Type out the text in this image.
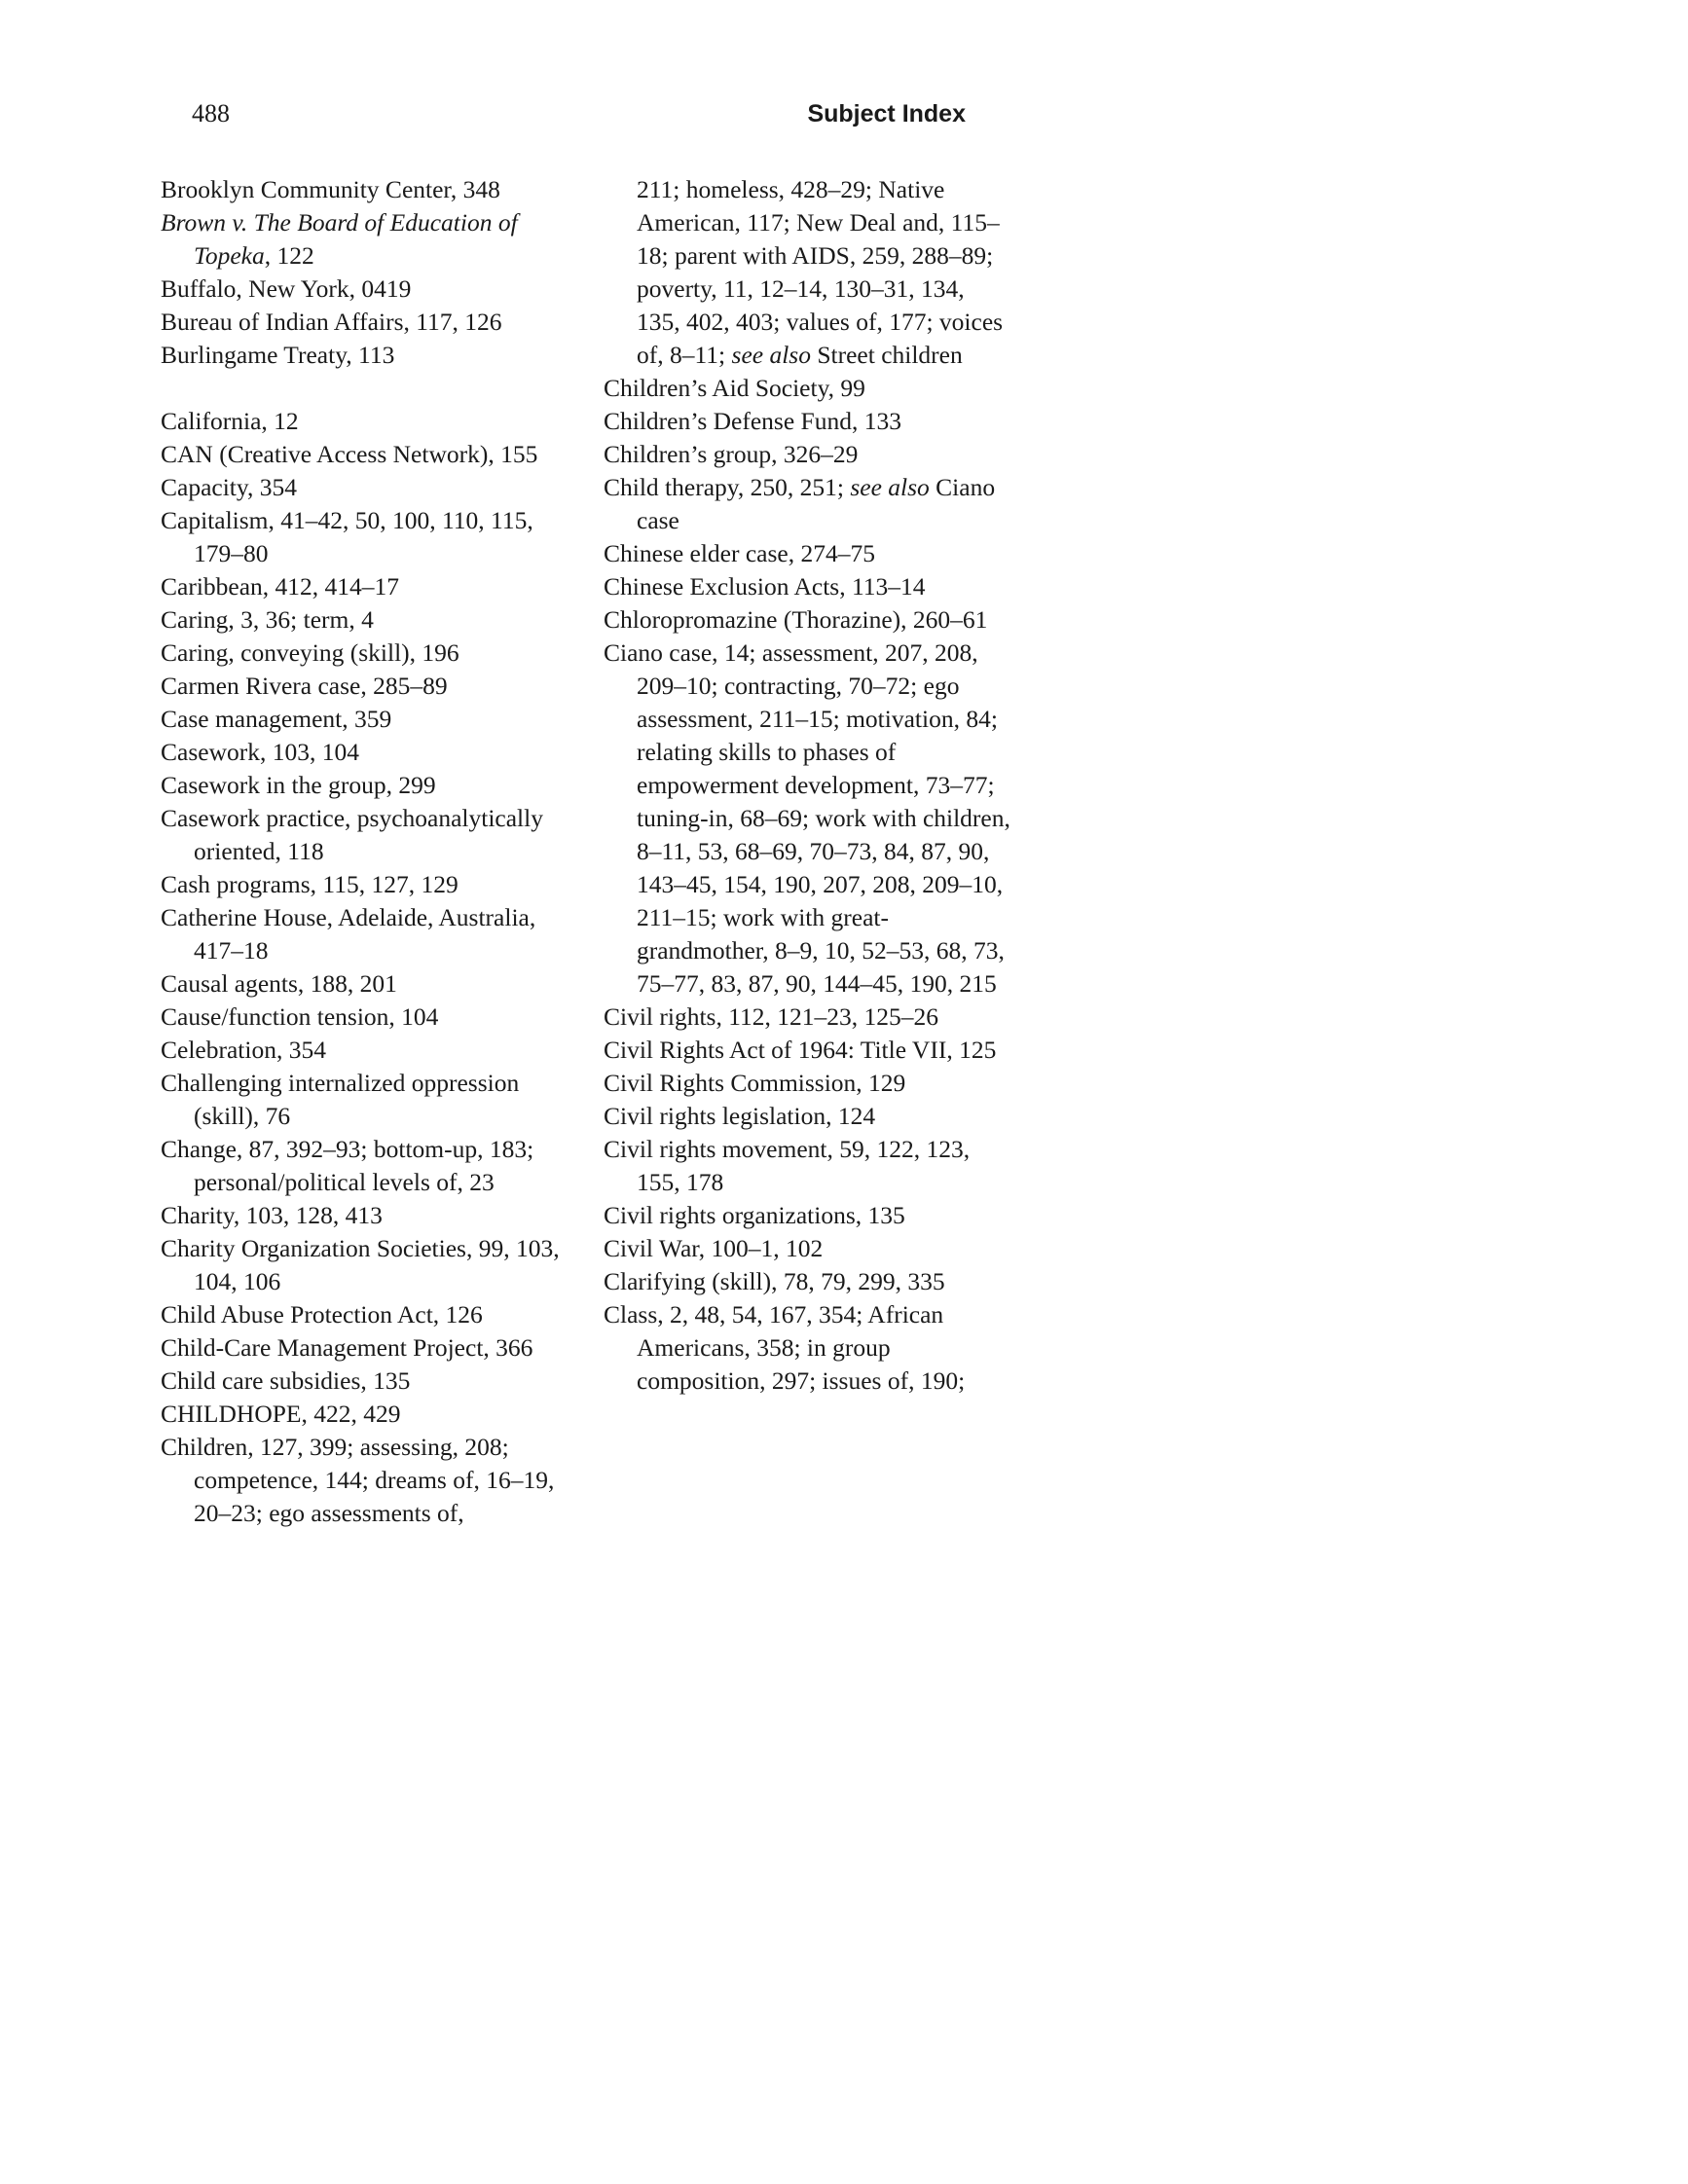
488	Subject Index

Brooklyn Community Center, 348

Brown v. The Board of Education of Topeka, 122

Buffalo, New York, 0419

Bureau of Indian Affairs, 117, 126

Burlingame Treaty, 113

California, 12

CAN (Creative Access Network), 155

Capacity, 354

Capitalism, 41–42, 50, 100, 110, 115, 179–80

Caribbean, 412, 414–17

Caring, 3, 36; term, 4

Caring, conveying (skill), 196

Carmen Rivera case, 285–89

Case management, 359

Casework, 103, 104

Casework in the group, 299

Casework practice, psychoanalytically oriented, 118

Cash programs, 115, 127, 129

Catherine House, Adelaide, Australia, 417–18

Causal agents, 188, 201

Cause/function tension, 104

Celebration, 354

Challenging internalized oppression (skill), 76

Change, 87, 392–93; bottom-up, 183; personal/political levels of, 23

Charity, 103, 128, 413

Charity Organization Societies, 99, 103, 104, 106

Child Abuse Protection Act, 126

Child-Care Management Project, 366

Child care subsidies, 135

CHILDHOPE, 422, 429

Children, 127, 399; assessing, 208; competence, 144; dreams of, 16–19, 20–23; ego assessments of,

211; homeless, 428–29; Native American, 117; New Deal and, 115–18; parent with AIDS, 259, 288–89; poverty, 11, 12–14, 130–31, 134, 135, 402, 403; values of, 177; voices of, 8–11; see also Street children

Children’s Aid Society, 99

Children’s Defense Fund, 133

Children’s group, 326–29

Child therapy, 250, 251; see also Ciano case

Chinese elder case, 274–75

Chinese Exclusion Acts, 113–14

Chloropromazine (Thorazine), 260–61

Ciano case, 14; assessment, 207, 208, 209–10; contracting, 70–72; ego assessment, 211–15; motivation, 84; relating skills to phases of empowerment development, 73–77; tuning-in, 68–69; work with children, 8–11, 53, 68–69, 70–73, 84, 87, 90, 143–45, 154, 190, 207, 208, 209–10, 211–15; work with great-grandmother, 8–9, 10, 52–53, 68, 73, 75–77, 83, 87, 90, 144–45, 190, 215

Civil rights, 112, 121–23, 125–26

Civil Rights Act of 1964: Title VII, 125

Civil Rights Commission, 129

Civil rights legislation, 124

Civil rights movement, 59, 122, 123, 155, 178

Civil rights organizations, 135

Civil War, 100–1, 102

Clarifying (skill), 78, 79, 299, 335

Class, 2, 48, 54, 167, 354; African Americans, 358; in group composition, 297; issues of, 190;
